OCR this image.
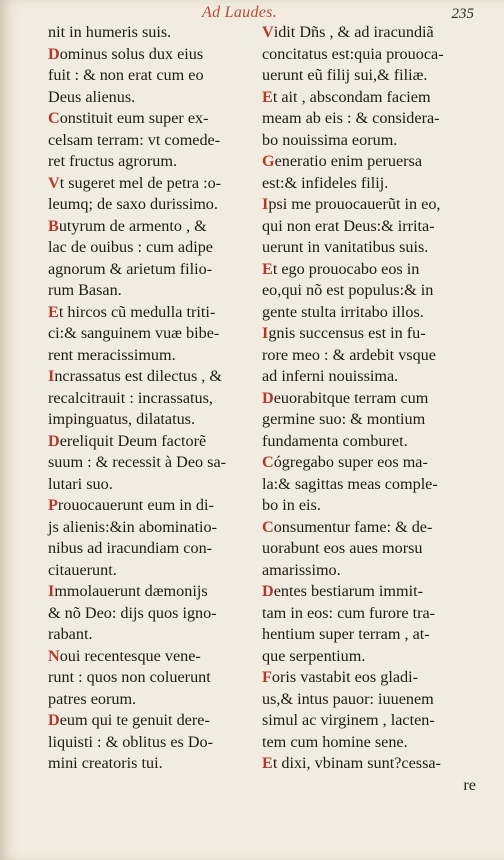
Ad Laudes.	235
nit in humeris suis.
Dominus solus dux eius
fuit : & non erat cum eo
Deus alienus.
Constituit eum super ex-
celsam terram: vt comede-
ret fructus agrorum.
Vt sugeret mel de petra :o-
leumq; de saxo durissimo.
Butyrum de armento , &
lac de ouibus : cum adipe
agnorum & arietum filio-
rum Basan.
Et hircos cũ medulla triti-
ci:& sanguinem vuæ bibe-
rent meracissimum.
Incrassatus est dilectus , &
recalcitrauit : incrassatus,
impinguatus, dilatatus.
Dereliquit Deum factorẽ
suum : & recessit à Deo sa-
lutari suo.
Prouocauerunt eum in di-
js alienis:&in abominatio-
nibus ad iracundiam con-
citauerunt.
Immolauerunt dæmonijs
& nõ Deo: dijs quos igno-
rabant.
Noui recentesque vene-
runt : quos non coluerunt
patres eorum.
Deum qui te genuit dere-
liquisti : & oblitus es Do-
mini creatoris tui.
Vidit Dñs , & ad iracundiã
concitatus est:quia prouoca-
uerunt eũ filij sui,& filiæ.
Et ait , abscondam faciem
meam ab eis : & considera-
bo nouissima eorum.
Generatio enim peruersa
est:& infideles filij.
Ipsi me prouocauerũt in eo,
qui non erat Deus:& irrita-
uerunt in vanitatibus suis.
Et ego prouocabo eos in
eo,qui nõ est populus:& in
gente stulta irritabo illos.
Ignis succensus est in fu-
rore meo : & ardebit vsque
ad inferni nouissima.
Deuorabitque terram cum
germine suo: & montium
fundamenta comburet.
Cógregabo super eos ma-
la:& sagittas meas comple-
bo in eis.
Consumentur fame: & de-
uorabunt eos aues morsu
amarissimo.
Dentes bestiarum immit-
tam in eos: cum furore tra-
hentium super terram , at-
que serpentium.
Foris vastabit eos gladi-
us,& intus pauor: iuuenem
simul ac virginem , lacten-
tem cum homine sene.
Et dixi, vbinam sunt?cessa-
re
